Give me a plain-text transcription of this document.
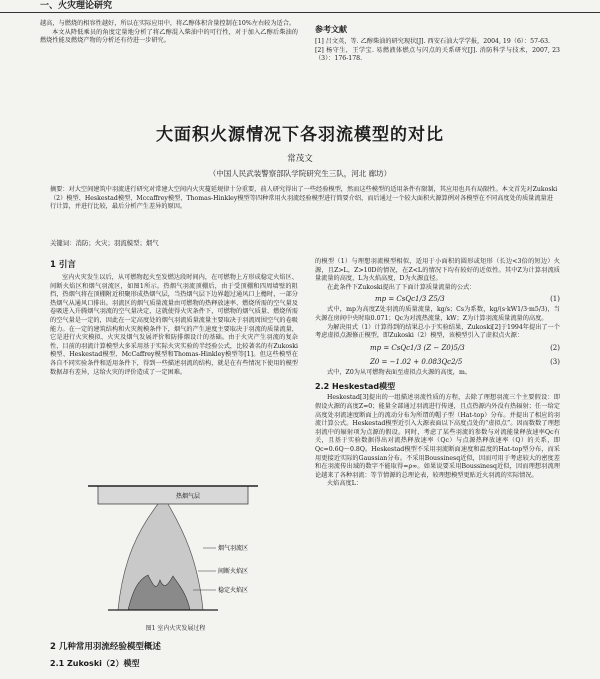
一、火灾理论研究

越高，与燃烧的相容性越好，所以在实际应用中，将乙醇体积含量控制在10%左右较为适合。

本文从降低乘员的角度定量地分析了将乙醇混入柴油中的可行性，对于加入乙醇后柴油的燃烧性能及燃烧产物的分析还有待进一步研究。

参考文献

[1] 吕文英，等. 乙醇柴油的研究现状[J]. 西安石油大学学报，2004, 19（6）：57-63.

[2] 杨守生，王学宝. 易燃液体燃点与闪点的关系研究[J]. 消防科学与技术，2007, 23（3）：176-178.

大面积火源情况下各羽流模型的对比
常茂文
（中国人民武装警察部队学院研究生三队，河北 廊坊）
摘要：对大空间建筑中羽流进行研究对常建大空间内火灾蔓延规律十分重要，前人研究得出了一些经验模型，然而这些模型的适用条件有限制，其应用也具有局限性。本文首先对Zukoski（2）模型、Heskestad模型、Mccaffrey模型、Thomas-Hinkley模型等四种常用火羽流经验模型进行简要介绍，而后通过一个较大面积火源算例对各模型在不同高度处的质量流量进行计算，并进行比较，最后分析产生差异的原因。
关键词：消防；火灾；羽流模型；烟气
1 引言

室内火灾发生以后，从可燃物起火至发燃达段时间内，在可燃物上方形成稳定火焰区、间断火焰区和烟气羽流区，如图1所示。热烟气羽流顶棚后，由于受顶棚和四周墙壁的阻挡，热烟气将在顶棚附近积聚形成热烟气层，当热烟气层下边界超过通风口上檐时，一部分热烟气从通风口排出。羽流区的烟气质量流量由可燃物的热释放速率、燃烧所需的空气量及卷吸进入升腾烟气羽流的空气量决定，这就使得火灾条件下，可燃物的烟气质量、燃烧所需的空气量是一定的，因此在一定高度处的烟气羽流质量流量主要取决于羽流周围空气的卷吸能力。在一定的建筑结构和火灾规模条件下，烟气的产生速度主要取决于羽流的质量流量，它是进行火灾模拟、火灾及烟气发展评价和防排烟设计的基础。由于火灾产生羽流的复杂性，目前的羽流计算模型大多采用基于实际火灾实验的半经验公式，比较著名的有Zukoski模型、Heskestad模型、McCaffrey模型和Thomas-Hinkley模型等[1]。但这些模型在各自不同实验条件和适用条件下，得到一些描述羽流的结构，就是在有些情况下使用的模型数据却有差异，这给火灾的评价造成了一定困难。

热烟气层
烟气羽流区
间断火焰区
稳定火焰区
图1 室内火灾发展过程
2 几种常用羽流经验模型概述
2.1 Zukoski（2）模型

的模型（1）与理想羽流模型相似，适用于小面积的圆形或矩形（长边<3倍的短边）火源，且Z>L，Z>10D的情况，在Z<L的情况下均有较好的近似性。其中Z为计算羽流质量流量的高度，L为火焰高度，D为火源直径。

在此条件下Zukoski提出了下面计算质量流量的公式：

mp = CsQc1/3 Z5/3	(1)

式中，mp为高度Z处羽流的质量流量，kg/s；Cs为系数，kg/(s·kW1/3·m5/3)，当火源在房间中央时取0.071；Qc为对流热流量，kW；Z为计算羽流质量流量的高度。

为解决用式（1）计算得到的结果总小于实验结果，Zukoski[2]于1994年提出了一个考虑虚拟点源修正模型，即Zukoski（2）模型，该模型引入了虚拟点火源：

mp = CsQc1/3 (Z − Z0)5/3	(2)
Z0 = −1.02 + 0.083Qc2/5	(3)

式中，Z0为从可燃物表面至虚拟点火源的高度，m。

2.2 Heskestad模型

Heskestad[3]提出的一组描述羽流性质的方程，去除了理想羽流三个主要假设：即假设火源的高度Z=0；能量全部通过羽流进行传递，且点热源内外没有热辐射；任一给定高度处羽流速度断面上的流动分布为所谓的帽子型（Hat-top）分布。并提出了相应的羽流计算公式。Heskestad模型近引入大源表面以下高度点处的“虚拟点”。因而数数了理想羽流中的辐射项为点源的假设。同时，考虑了某些羽流的参数与对流能量释放速率Qc有关，且基于实验数据得出对流热释放速率（Qc）与点源热释放速率（Q）的关系，即Qc=0.6Q～0.8Q。Heskestad模型不采用羽流断面速度和温度的Hat-top型分布，而采用更接近实际的Gaussian分布。不采用Boussinesq近似，因而可用于考虑较大的密度差和在羽流传出域的数字不能取得=ρ∞。如果说要采用Boussinesq近似，因而理想羽流理论越来了各种羽流：等节情源的总理论表，较理想模型更贴近火羽流的实际情况。

火焰高度L：
